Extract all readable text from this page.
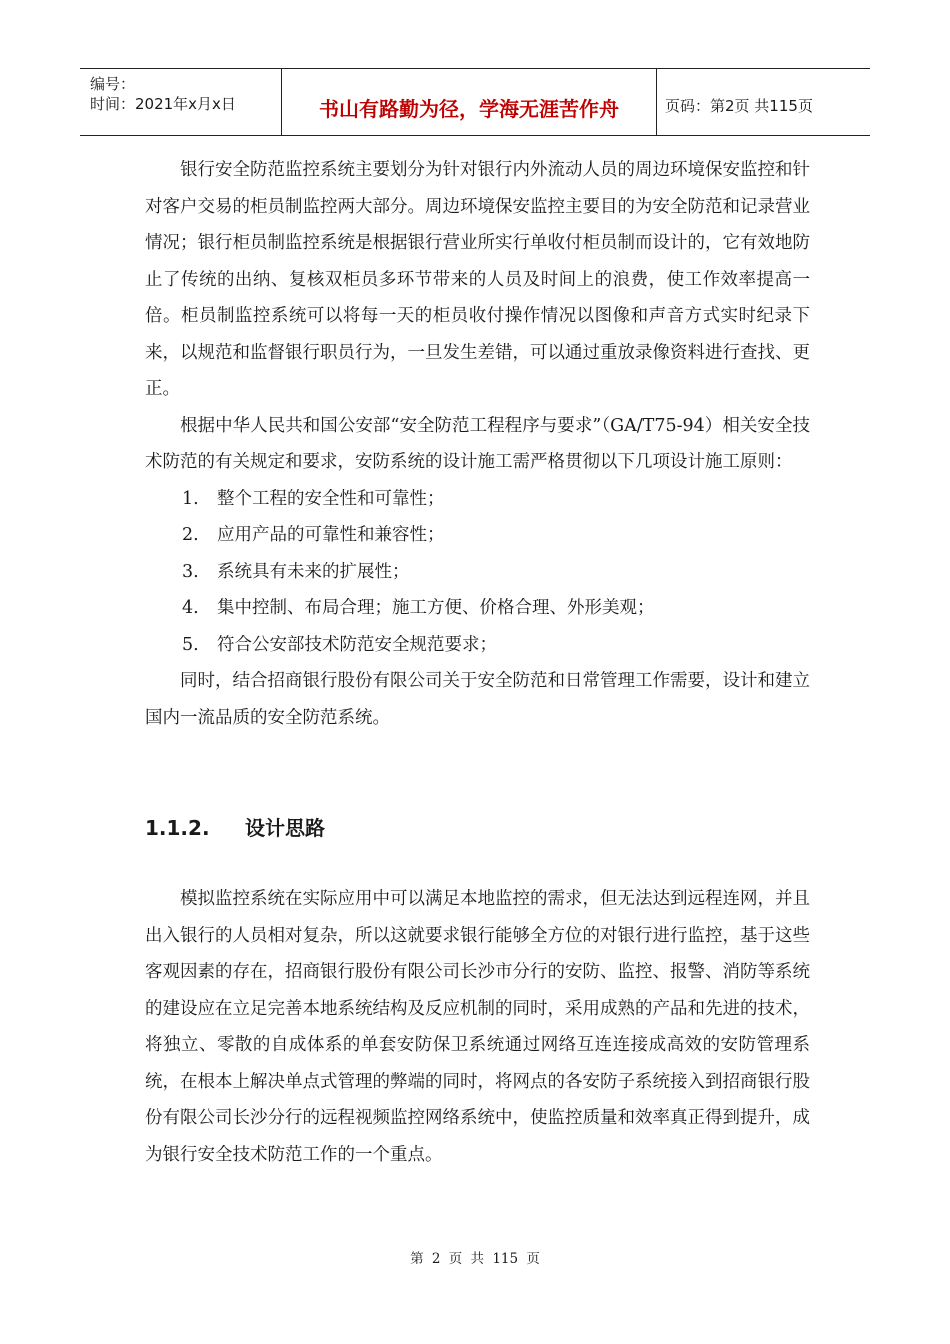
编号：
时间：2021年x月x日	书山有路勤为径，学海无涯苦作舟	页码：第2页 共115页

银行安全防范监控系统主要划分为针对银行内外流动人员的周边环境保安监控和针对客户交易的柜员制监控两大部分。周边环境保安监控主要目的为安全防范和记录营业情况；银行柜员制监控系统是根据银行营业所实行单收付柜员制而设计的，它有效地防止了传统的出纳、复核双柜员多环节带来的人员及时间上的浪费，使工作效率提高一倍。柜员制监控系统可以将每一天的柜员收付操作情况以图像和声音方式实时纪录下来，以规范和监督银行职员行为，一旦发生差错，可以通过重放录像资料进行查找、更正。

根据中华人民共和国公安部“安全防范工程程序与要求”（GA/T75-94）相关安全技术防范的有关规定和要求，安防系统的设计施工需严格贯彻以下几项设计施工原则：

1. 整个工程的安全性和可靠性；

2. 应用产品的可靠性和兼容性；

3. 系统具有未来的扩展性；

4. 集中控制、布局合理；施工方便、价格合理、外形美观；

5. 符合公安部技术防范安全规范要求；

同时，结合招商银行股份有限公司关于安全防范和日常管理工作需要，设计和建立国内一流品质的安全防范系统。

1.1.2. 设计思路

模拟监控系统在实际应用中可以满足本地监控的需求，但无法达到远程连网，并且出入银行的人员相对复杂，所以这就要求银行能够全方位的对银行进行监控，基于这些客观因素的存在，招商银行股份有限公司长沙市分行的安防、监控、报警、消防等系统的建设应在立足完善本地系统结构及反应机制的同时，采用成熟的产品和先进的技术，将独立、零散的自成体系的单套安防保卫系统通过网络互连连接成高效的安防管理系统，在根本上解决单点式管理的弊端的同时，将网点的各安防子系统接入到招商银行股份有限公司长沙分行的远程视频监控网络系统中，使监控质量和效率真正得到提升，成为银行安全技术防范工作的一个重点。

第 2 页 共 115 页
